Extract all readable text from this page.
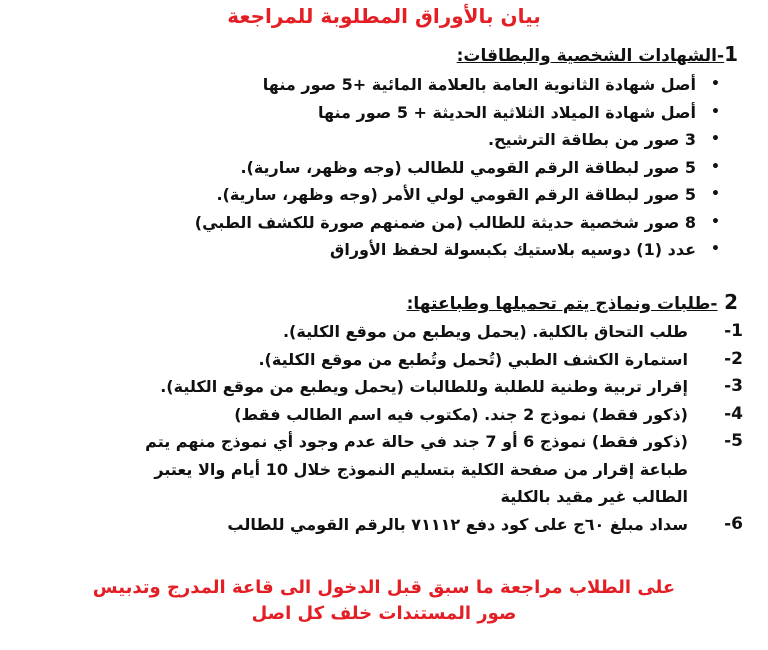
بيان بالأوراق المطلوبة للمراجعة
1-الشهادات الشخصية والبطاقات:
•
أصل شهادة الثانوية العامة بالعلامة المائية +5 صور منها
•
أصل شهادة الميلاد الثلاثية الحديثة + 5 صور منها
•
3 صور من بطاقة الترشيح.
•
5 صور لبطاقة الرقم القومي للطالب (وجه وظهر، سارية).
•
5 صور لبطاقة الرقم القومي لولي الأمر (وجه وظهر، سارية).
•
8 صور شخصية حديثة للطالب (من ضمنهم صورة للكشف الطبي)
•
عدد (1) دوسيه بلاستيك بكبسولة لحفظ الأوراق
2 -طلبات ونماذج يتم تحميلها وطباعتها:
-1
طلب التحاق بالكلية. (يحمل ويطبع من موقع الكلية).
-2
استمارة الكشف الطبي (تُحمل وتُطبع من موقع الكلية).
-3
إقرار تربية وطنية للطلبة وللطالبات (يحمل ويطبع من موقع الكلية).
-4
(ذكور فقط) نموذج 2 جند. (مكتوب فيه اسم الطالب فقط)
-5
(ذكور فقط) نموذج 6 أو 7 جند في حالة عدم وجود أي نموذج منهم يتم
طباعة إقرار من صفحة الكلية بتسليم النموذج خلال 10 أيام والا يعتبر
الطالب غير مقيد بالكلية
-6
سداد مبلغ ٦٠ج على كود دفع ٧١١١٢ بالرقم القومي للطالب
على الطلاب مراجعة ما سبق قبل الدخول الى قاعة المدرج وتدبيس
صور المستندات خلف كل اصل
